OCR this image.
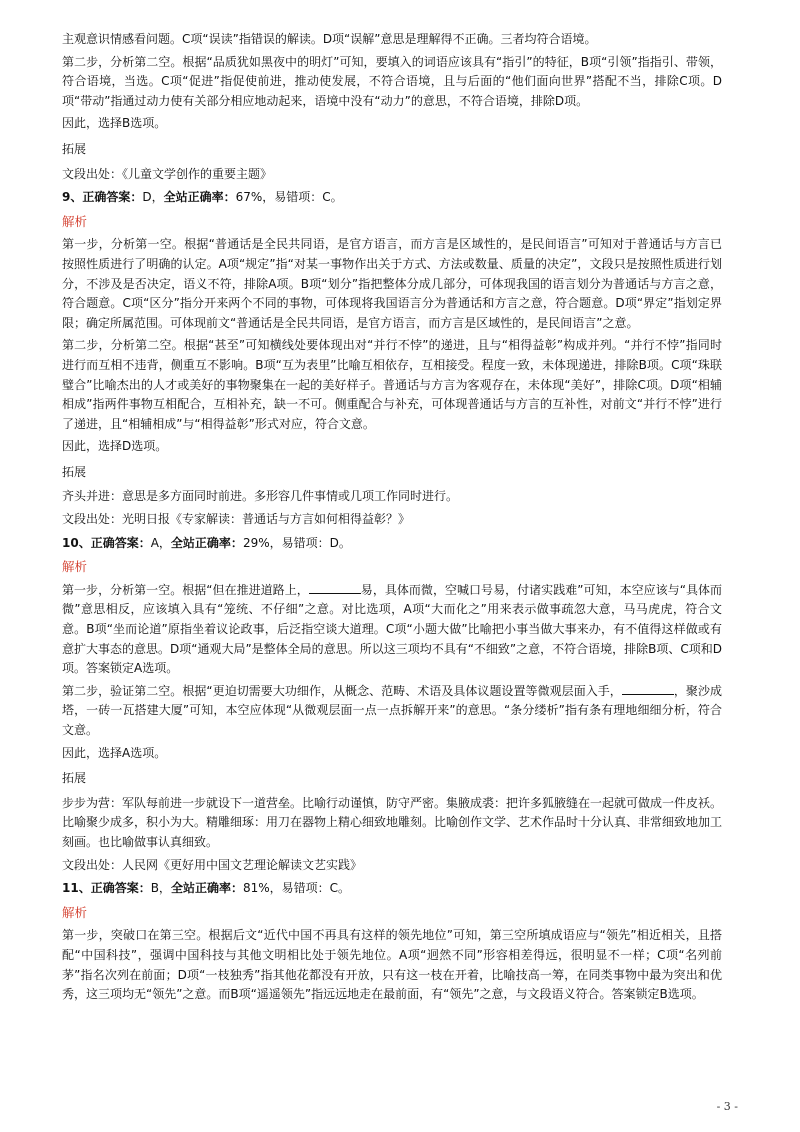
主观意识情感看问题。C项“误读”指错误的解读。D项“误解”意思是理解得不正确。三者均符合语境。

第二步，分析第二空。根据“品质犹如黑夜中的明灯”可知，要填入的词语应该具有“指引”的特征，B项“引领”指指引、带领，符合语境，当选。C项“促进”指促使前进，推动使发展，不符合语境，且与后面的“他们面向世界”搭配不当，排除C项。D项“带动”指通过动力使有关部分相应地动起来，语境中没有“动力”的意思，不符合语境，排除D项。

因此，选择B选项。

拓展

文段出处：《儿童文学创作的重要主题》

9、正确答案：D，全站正确率：67%，易错项：C。

解析

第一步，分析第一空。根据“普通话是全民共同语，是官方语言，而方言是区域性的，是民间语言”可知对于普通话与方言已按照性质进行了明确的认定。A项“规定”指“对某一事物作出关于方式、方法或数量、质量的决定”，文段只是按照性质进行划分，不涉及是否决定，语义不符，排除A项。B项“划分”指把整体分成几部分，可体现我国的语言划分为普通话与方言之意，符合题意。C项“区分”指分开来两个不同的事物，可体现将我国语言分为普通话和方言之意，符合题意。D项“界定”指划定界限；确定所属范围。可体现前文“普通话是全民共同语，是官方语言，而方言是区域性的，是民间语言”之意。

第二步，分析第二空。根据“甚至”可知横线处要体现出对“并行不悖”的递进，且与“相得益彰”构成并列。“并行不悖”指同时进行而互相不违背，侧重互不影响。B项“互为表里”比喻互相依存，互相接受。程度一致，未体现递进，排除B项。C项“珠联璧合”比喻杰出的人才或美好的事物聚集在一起的美好样子。普通话与方言为客观存在，未体现“美好”，排除C项。D项“相辅相成”指两件事物互相配合，互相补充，缺一不可。侧重配合与补充，可体现普通话与方言的互补性，对前文“并行不悖”进行了递进，且“相辅相成”与“相得益彰”形式对应，符合文意。

因此，选择D选项。

拓展

齐头并进：意思是多方面同时前进。多形容几件事情或几项工作同时进行。

文段出处：光明日报《专家解读：普通话与方言如何相得益彰？》

10、正确答案：A，全站正确率：29%，易错项：D。

解析

第一步，分析第一空。根据“但在推进道路上，	易，具体而微，空喊口号易，付诸实践难”可知，本空应该与“具体而微”意思相反，应该填入具有“笼统、不仔细”之意。对比选项，A项“大而化之”用来表示做事疏忽大意，马马虎虎，符合文意。B项“坐而论道”原指坐着议论政事，后泛指空谈大道理。C项“小题大做”比喻把小事当做大事来办，有不值得这样做或有意扩大事态的意思。D项“通观大局”是整体全局的意思。所以这三项均不具有“不细致”之意，不符合语境，排除B项、C项和D项。答案锁定A选项。

第二步，验证第二空。根据“更迫切需要大功细作，从概念、范畴、术语及具体议题设置等微观层面入手，	，聚沙成塔，一砖一瓦搭建大厦”可知，本空应体现“从微观层面一点一点拆解开来”的意思。“条分缕析”指有条有理地细细分析，符合文意。

因此，选择A选项。

拓展

步步为营：军队每前进一步就设下一道营垒。比喻行动谨慎，防守严密。集腋成裘：把许多狐腋缝在一起就可做成一件皮袄。比喻聚少成多，积小为大。精雕细琢：用刀在器物上精心细致地雕刻。比喻创作文学、艺术作品时十分认真、非常细致地加工刻画。也比喻做事认真细致。

文段出处：人民网《更好用中国文艺理论解读文艺实践》

11、正确答案：B，全站正确率：81%，易错项：C。

解析

第一步，突破口在第三空。根据后文“近代中国不再具有这样的领先地位”可知，第三空所填成语应与“领先”相近相关，且搭配“中国科技”，强调中国科技与其他文明相比处于领先地位。A项“迥然不同”形容相差得远，很明显不一样；C项“名列前茅”指名次列在前面；D项“一枝独秀”指其他花都没有开放，只有这一枝在开着，比喻技高一筹，在同类事物中最为突出和优秀，这三项均无“领先”之意。而B项“遥遥领先”指远远地走在最前面，有“领先”之意，与文段语义符合。答案锁定B选项。

- 3 -
